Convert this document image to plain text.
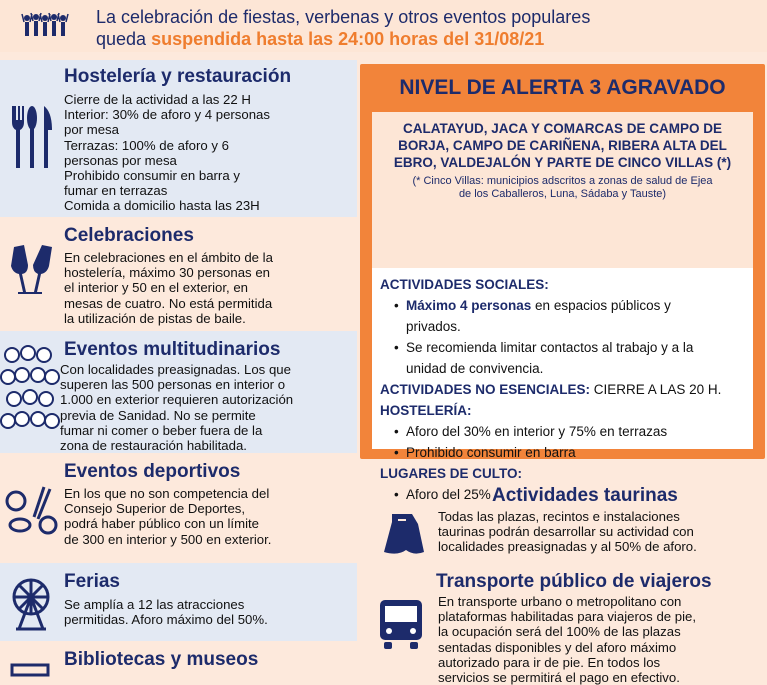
La celebración de fiestas, verbenas y otros eventos populares
queda suspendida hasta las 24:00 horas del 31/08/21
Hostelería y restauración
Cierre de la actividad a las 22 H
Interior: 30% de aforo y 4 personas
por mesa
Terrazas: 100% de aforo y 6
personas por mesa
Prohibido consumir en barra y
fumar en terrazas
Comida a domicilio hasta las 23H
Celebraciones
En celebraciones en el ámbito de la
hostelería, máximo 30 personas en
el interior y 50 en el exterior, en
mesas de cuatro. No está permitida
la utilización de pistas de baile.
Eventos multitudinarios
Con localidades preasignadas. Los que
superen las 500 personas en interior o
1.000 en exterior requieren autorización
previa de Sanidad. No se permite
fumar ni comer o beber fuera de la
zona de restauración habilitada.
Eventos deportivos
En los que no son competencia del
Consejo Superior de Deportes,
podrá haber público con un límite
de 300 en interior y 500 en exterior.
Ferias
Se amplía a 12 las atracciones
permitidas. Aforo máximo del 50%.
Bibliotecas y museos
NIVEL DE ALERTA 3 AGRAVADO
CALATAYUD, JACA Y COMARCAS DE CAMPO DE
BORJA, CAMPO DE CARIÑENA, RIBERA ALTA DEL
EBRO, VALDEJALÓN Y PARTE DE CINCO VILLAS (*)
(* Cinco Villas: municipios adscritos a zonas de salud de Ejea
de los Caballeros, Luna, Sádaba y Tauste)
ACTIVIDADES SOCIALES:
• Máximo 4 personas en espacios públicos y
privados.
• Se recomienda limitar contactos al trabajo y a la
unidad de convivencia.
ACTIVIDADES NO ESENCIALES: CIERRE A LAS 20 H.
HOSTELERÍA:
• Aforo del 30% en interior y 75% en terrazas
• Prohibido consumir en barra
LUGARES DE CULTO:
• Aforo del 25% Actividades taurinas
Todas las plazas, recintos e instalaciones
taurinas podrán desarrollar su actividad con
localidades preasignadas y al 50% de aforo.
Transporte público de viajeros
En transporte urbano o metropolitano con
plataformas habilitadas para viajeros de pie,
la ocupación será del 100% de las plazas
sentadas disponibles y del aforo máximo
autorizado para ir de pie. En todos los
servicios se permitirá el pago en efectivo.
